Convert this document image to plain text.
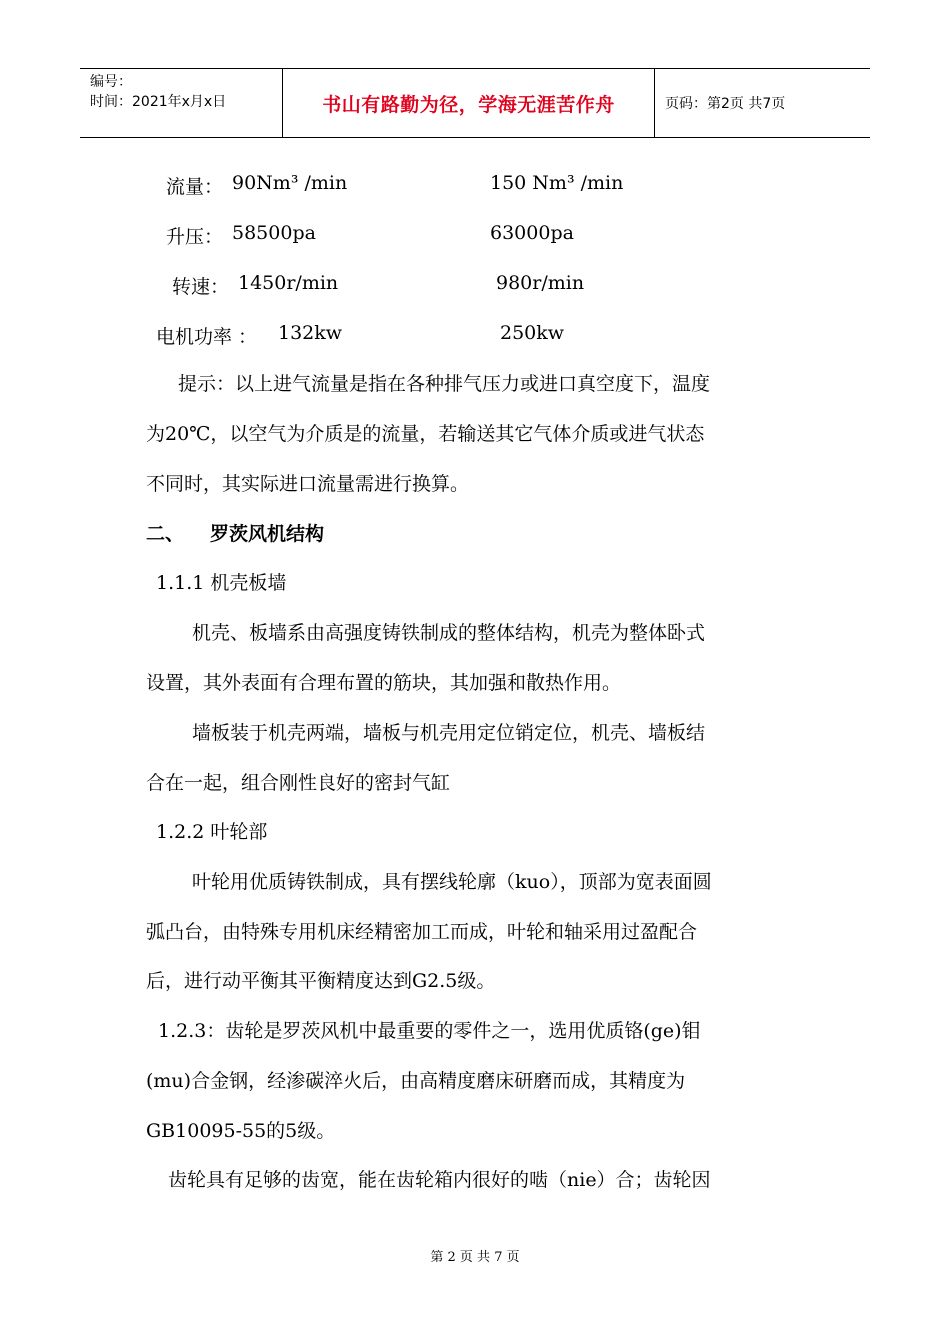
编号：
时间：2021年x月x日	书山有路勤为径，学海无涯苦作舟	页码：第2页 共7页
流量： 90Nm³ /min	150 Nm³ /min
升压： 58500pa	63000pa
转速： 1450r/min	980r/min
电机功率 ： 132kw	250kw
提示：以上进气流量是指在各种排气压力或进口真空度下，温度
为20℃，以空气为介质是的流量，若输送其它气体介质或进气状态
不同时，其实际进口流量需进行换算。
二、 罗茨风机结构
1.1.1 机壳板墙
机壳、板墙系由高强度铸铁制成的整体结构，机壳为整体卧式
设置，其外表面有合理布置的筋块，其加强和散热作用。
墙板装于机壳两端，墙板与机壳用定位销定位，机壳、墙板结
合在一起，组合刚性良好的密封气缸
1.2.2 叶轮部
叶轮用优质铸铁制成，具有摆线轮廓（kuo），顶部为宽表面圆
弧凸台，由特殊专用机床经精密加工而成，叶轮和轴采用过盈配合
后，进行动平衡其平衡精度达到G2.5级。
1.2.3：齿轮是罗茨风机中最重要的零件之一，选用优质铬(ge)钼
(mu)合金钢，经渗碳淬火后，由高精度磨床研磨而成，其精度为
GB10095-55的5级。
齿轮具有足够的齿宽，能在齿轮箱内很好的啮（nie）合；齿轮因
第 2 页 共 7 页
